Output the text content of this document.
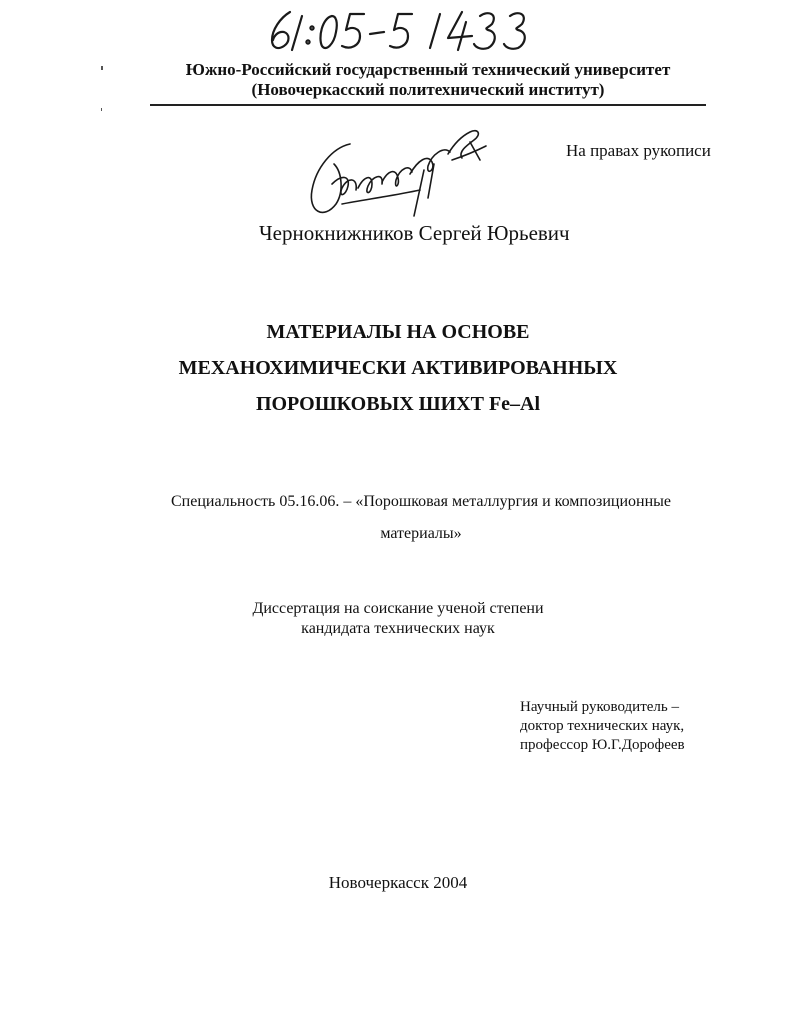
Южно-Российский государственный технический университет
(Новочеркасский политехнический институт)
На правах рукописи
Чернокнижников Сергей Юрьевич
МАТЕРИАЛЫ НА ОСНОВЕ
МЕХАНОХИМИЧЕСКИ АКТИВИРОВАННЫХ
ПОРОШКОВЫХ ШИХТ Fe–Al
Специальность 05.16.06. – «Порошковая металлургия и композиционные
материалы»
Диссертация на соискание ученой степени
кандидата технических наук
Научный руководитель –
доктор технических наук,
профессор Ю.Г.Дорофеев
Новочеркасск 2004
